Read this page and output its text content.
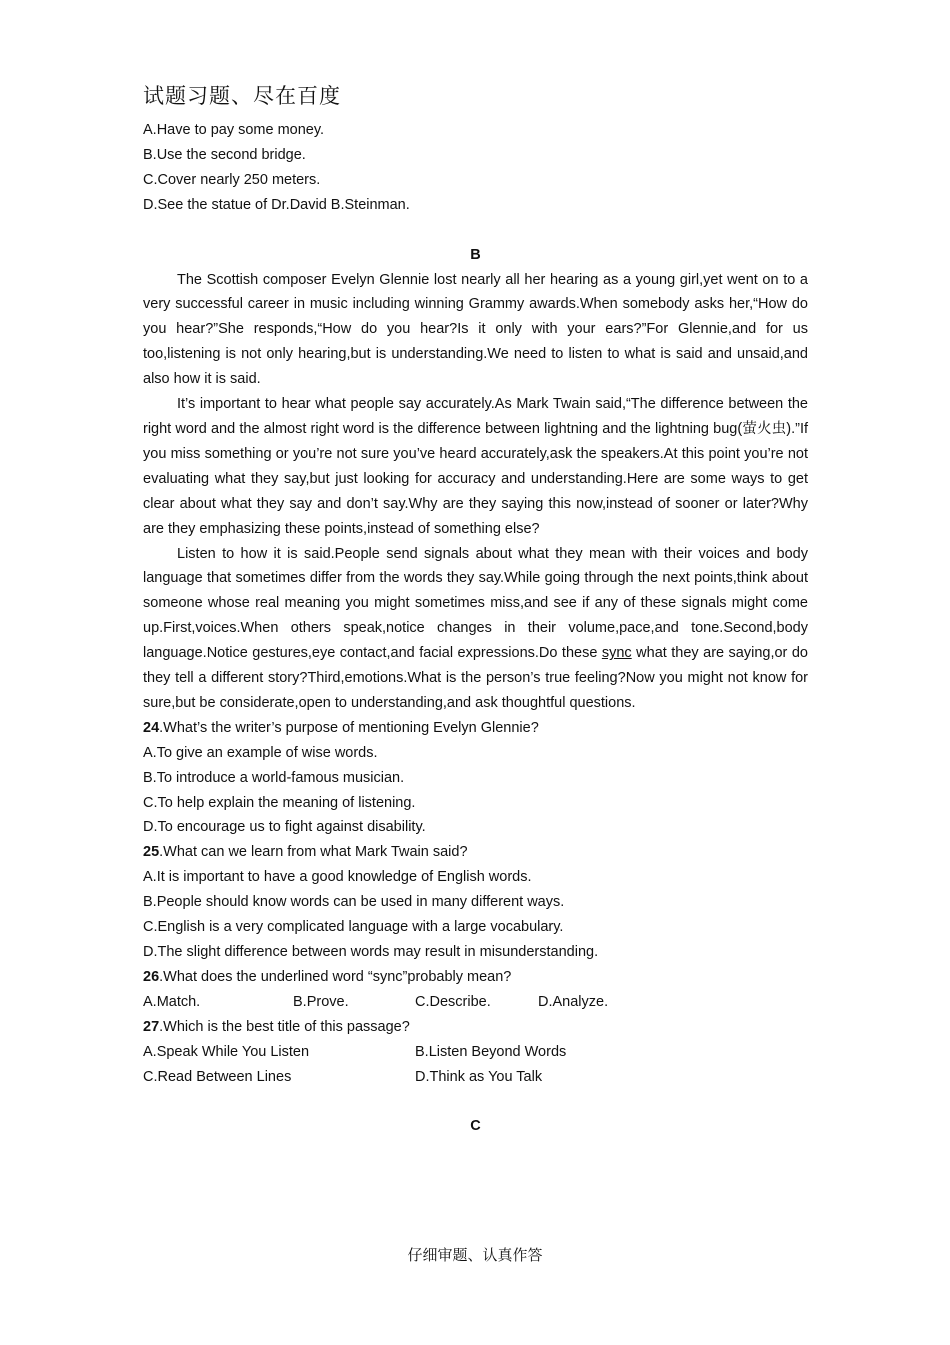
试题习题、尽在百度

A.Have to pay some money.

B.Use the second bridge.

C.Cover nearly 250 meters.

D.See the statue of Dr.David B.Steinman.

B

The Scottish composer Evelyn Glennie lost nearly all her hearing as a young girl,yet went on to a very successful career in music including winning Grammy awards.When somebody asks her,“How do you hear?”She responds,“How do you hear?Is it only with your ears?”For Glennie,and for us too,listening is not only hearing,but is understanding.We need to listen to what is said and unsaid,and also how it is said.

It’s important to hear what people say accurately.As Mark Twain said,“The difference between the right word and the almost right word is the difference between lightning and the lightning bug(萤火虫).”If you miss something or you’re not sure you’ve heard accurately,ask the speakers.At this point you’re not evaluating what they say,but just looking for accuracy and understanding.Here are some ways to get clear about what they say and don’t say.Why are they saying this now,instead of sooner or later?Why are they emphasizing these points,instead of something else?

Listen to how it is said.People send signals about what they mean with their voices and body language that sometimes differ from the words they say.While going through the next points,think about someone whose real meaning you might sometimes miss,and see if any of these signals might come up.First,voices.When others speak,notice changes in their volume,pace,and tone.Second,body language.Notice gestures,eye contact,and facial expressions.Do these sync what they are saying,or do they tell a different story?Third,emotions.What is the person’s true feeling?Now you might not know for sure,but be considerate,open to understanding,and ask thoughtful questions.

24.What’s the writer’s purpose of mentioning Evelyn Glennie?

A.To give an example of wise words.

B.To introduce a world-famous musician.

C.To help explain the meaning of listening.

D.To encourage us to fight against disability.

25.What can we learn from what Mark Twain said?

A.It is important to have a good knowledge of English words.

B.People should know words can be used in many different ways.

C.English is a very complicated language with a large vocabulary.

D.The slight difference between words may result in misunderstanding.

26.What does the underlined word “sync”probably mean?

A.Match.	B.Prove.	C.Describe.	D.Analyze.

27.Which is the best title of this passage?

A.Speak While You Listen	B.Listen Beyond Words
C.Read Between Lines	D.Think as You Talk

C

仔细审题、认真作答
